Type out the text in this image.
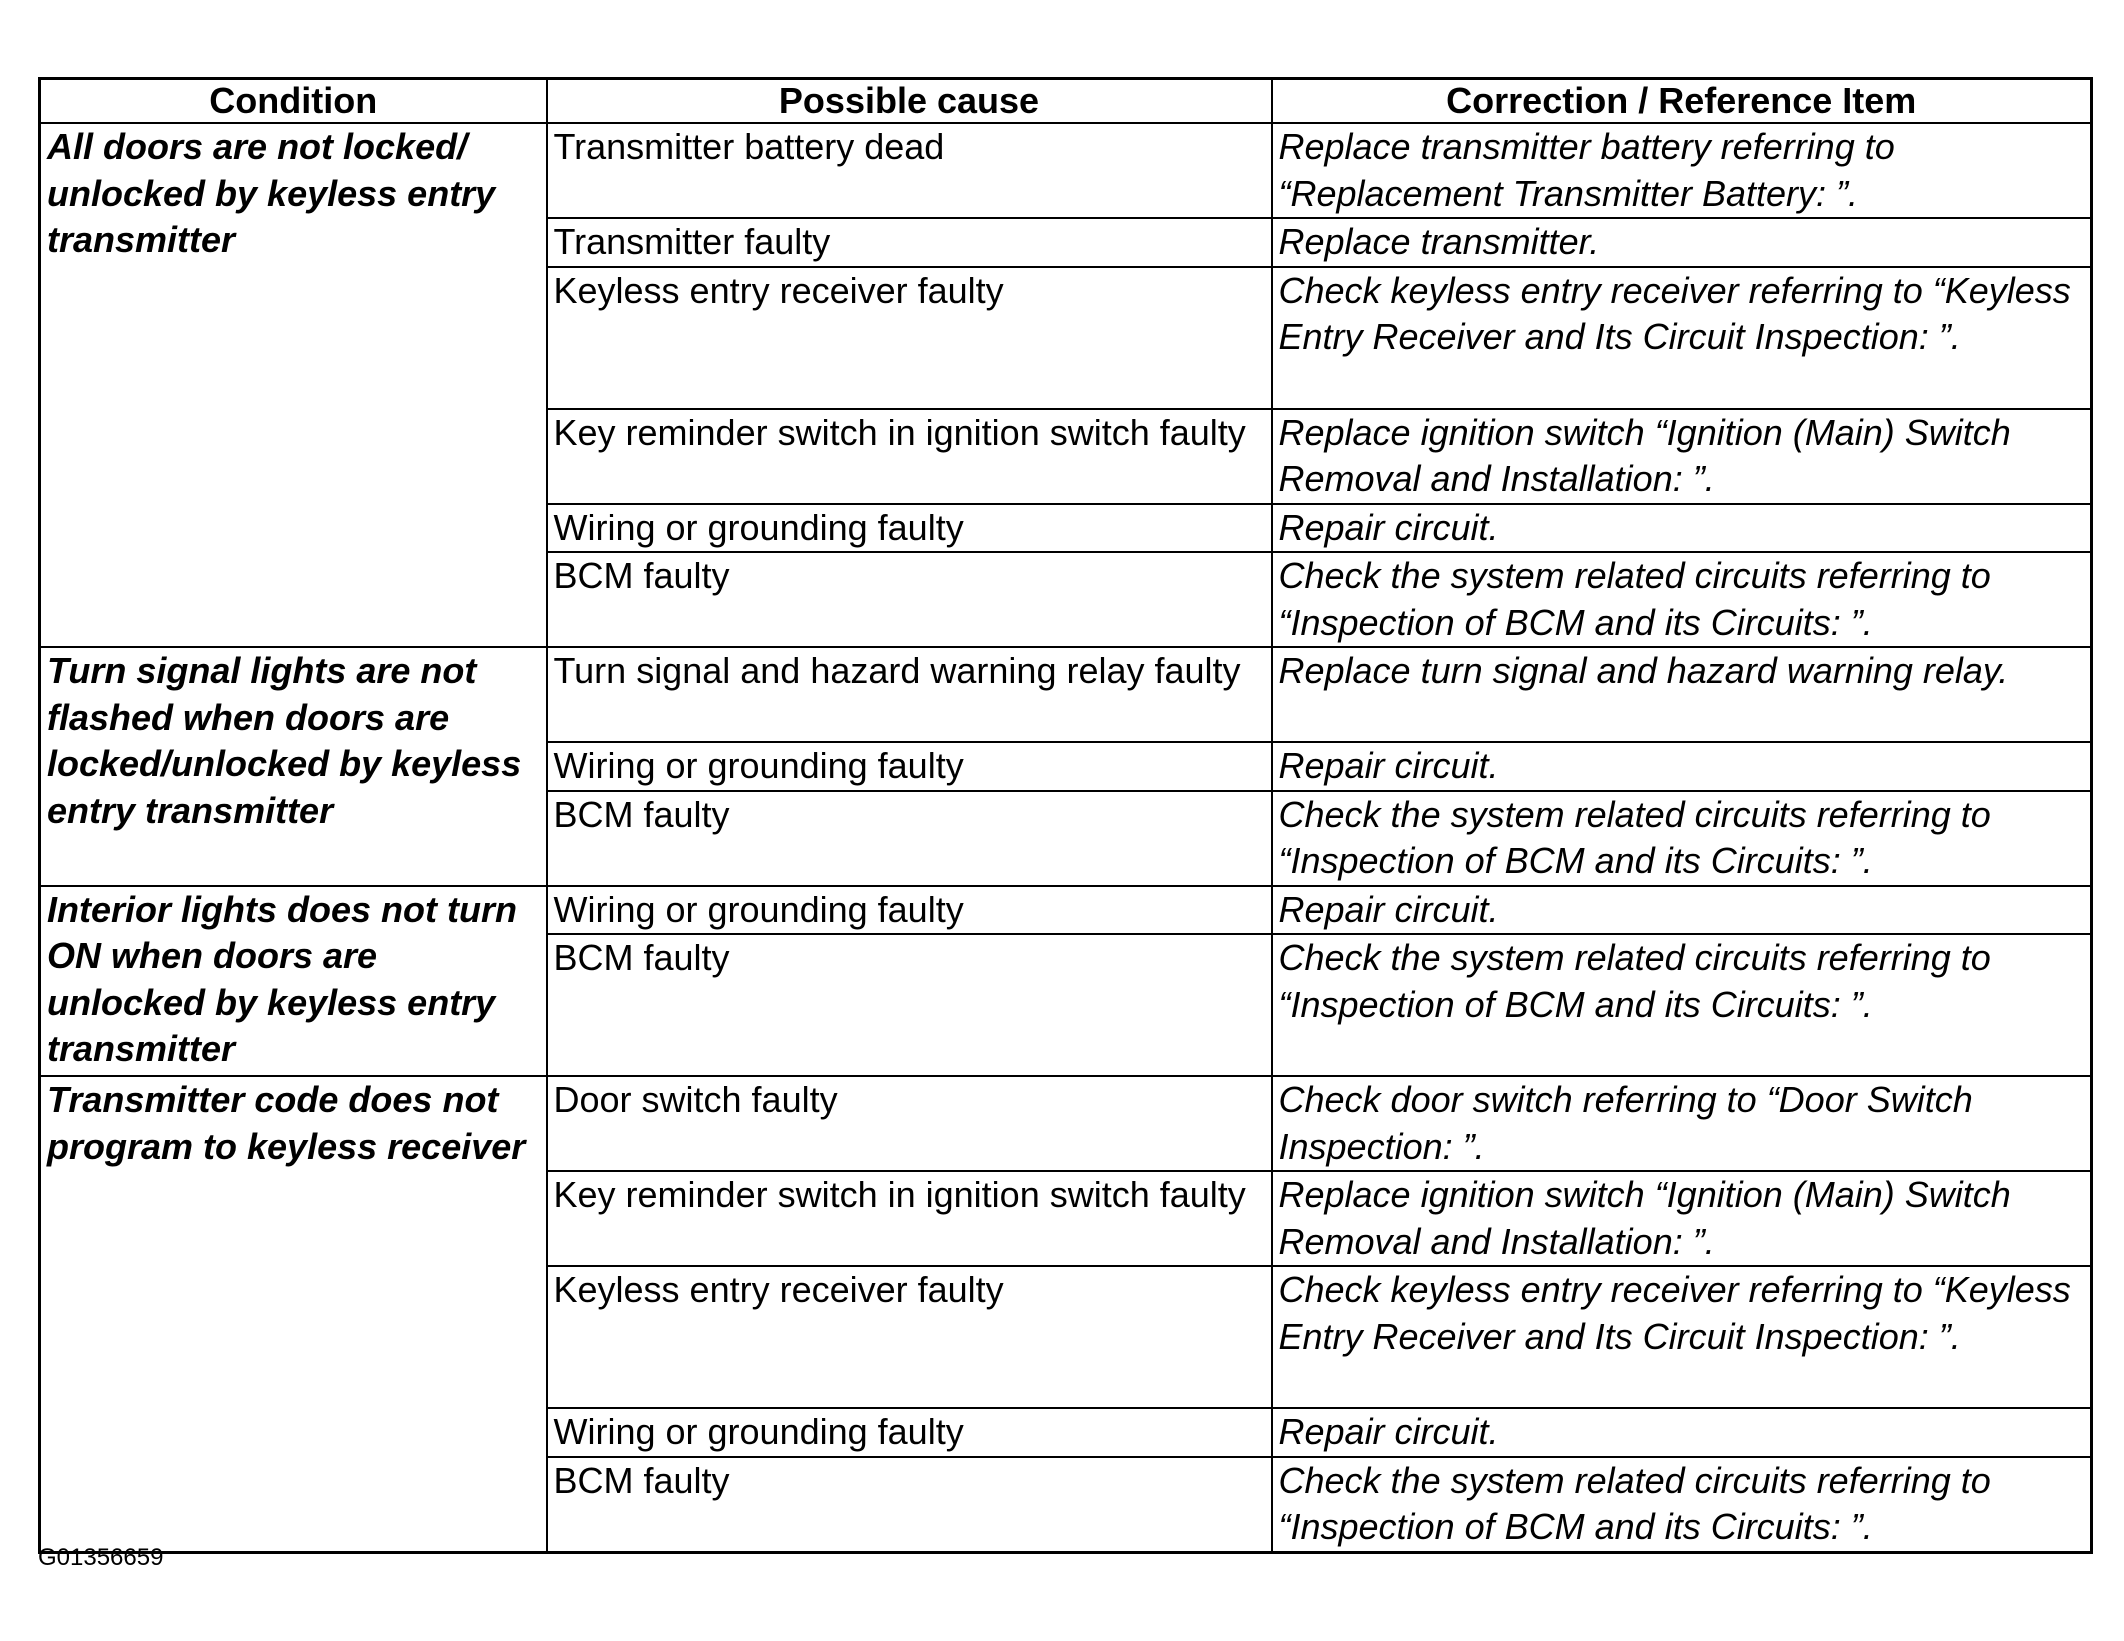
Condition	Possible cause	Correction / Reference Item
All doors are not locked/ unlocked by keyless entry transmitter	Transmitter battery dead	Replace transmitter battery referring to “Replacement Transmitter Battery: ”.
	Transmitter faulty	Replace transmitter.
	Keyless entry receiver faulty	Check keyless entry receiver referring to “Keyless Entry Receiver and Its Circuit Inspection: ”.
	Key reminder switch in ignition switch faulty	Replace ignition switch “Ignition (Main) Switch Removal and Installation: ”.
	Wiring or grounding faulty	Repair circuit.
	BCM faulty	Check the system related circuits referring to “Inspection of BCM and its Circuits: ”.
Turn signal lights are not flashed when doors are locked/unlocked by keyless entry transmitter	Turn signal and hazard warning relay faulty	Replace turn signal and hazard warning relay.
	Wiring or grounding faulty	Repair circuit.
	BCM faulty	Check the system related circuits referring to “Inspection of BCM and its Circuits: ”.
Interior lights does not turn ON when doors are unlocked by keyless entry transmitter	Wiring or grounding faulty	Repair circuit.
	BCM faulty	Check the system related circuits referring to “Inspection of BCM and its Circuits: ”.
Transmitter code does not program to keyless receiver	Door switch faulty	Check door switch referring to “Door Switch Inspection: ”.
	Key reminder switch in ignition switch faulty	Replace ignition switch “Ignition (Main) Switch Removal and Installation: ”.
	Keyless entry receiver faulty	Check keyless entry receiver referring to “Keyless Entry Receiver and Its Circuit Inspection: ”.
	Wiring or grounding faulty	Repair circuit.
	BCM faulty	Check the system related circuits referring to “Inspection of BCM and its Circuits: ”.
G01356659
